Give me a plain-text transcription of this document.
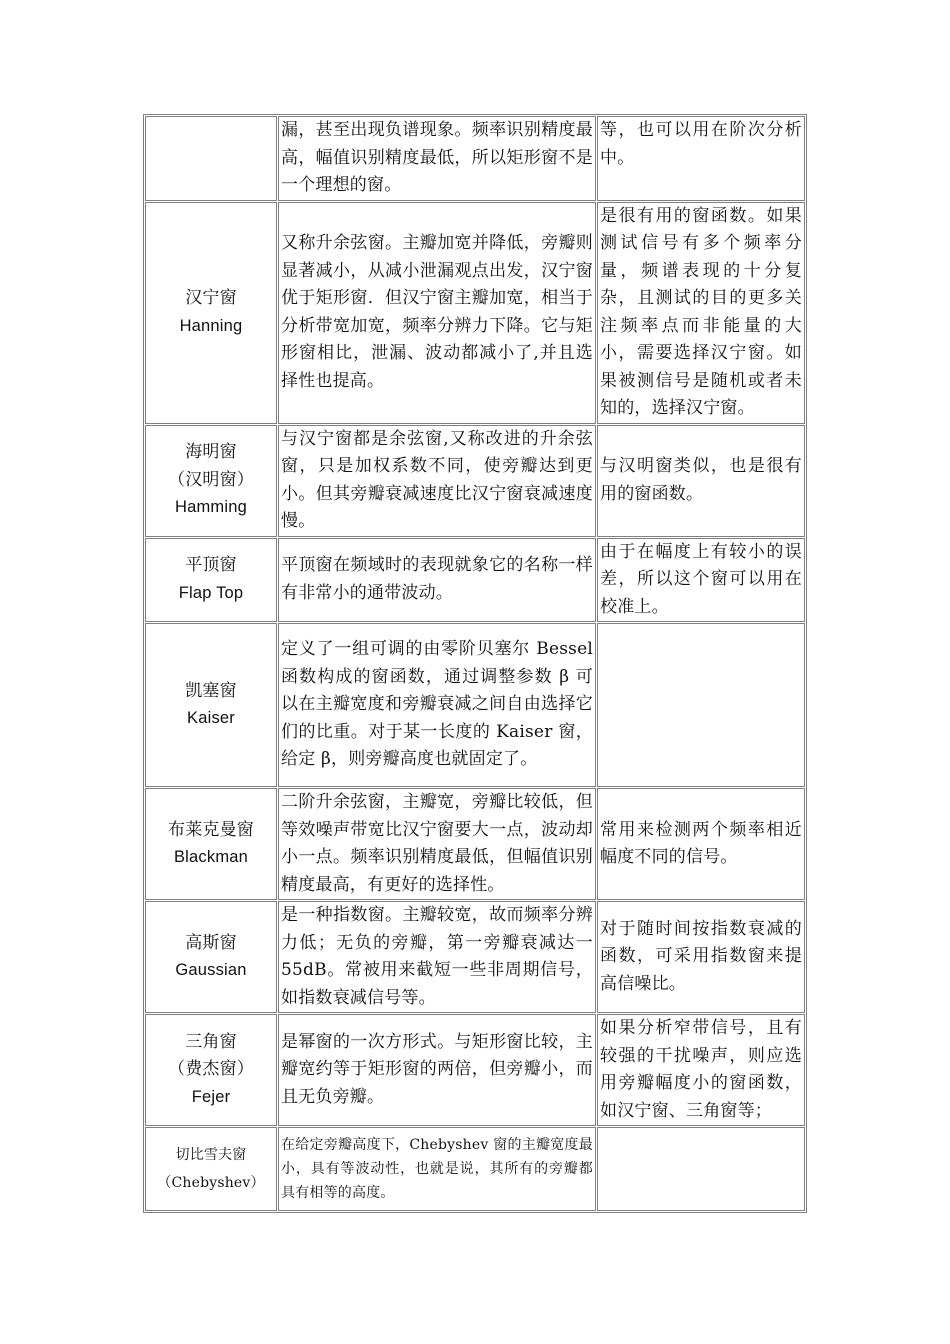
	漏，甚至出现负谱现象。频率识别精度最高，幅值识别精度最低，所以矩形窗不是一个理想的窗。	等，也可以用在阶次分析中。

汉宁窗
Hanning	又称升余弦窗。主瓣加宽并降低，旁瓣则显著减小，从减小泄漏观点出发，汉宁窗优于矩形窗．但汉宁窗主瓣加宽，相当于分析带宽加宽，频率分辨力下降。它与矩形窗相比，泄漏、波动都减小了,并且选择性也提高。	是很有用的窗函数。如果测试信号有多个频率分量，频谱表现的十分复杂，且测试的目的更多关注频率点而非能量的大小，需要选择汉宁窗。如果被测信号是随机或者未知的，选择汉宁窗。

海明窗
（汉明窗）
Hamming	与汉宁窗都是余弦窗,又称改进的升余弦窗，只是加权系数不同，使旁瓣达到更小。但其旁瓣衰减速度比汉宁窗衰减速度慢。	与汉明窗类似，也是很有用的窗函数。

平顶窗
Flap Top	平顶窗在频域时的表现就象它的名称一样有非常小的通带波动。	由于在幅度上有较小的误差，所以这个窗可以用在校准上。

凯塞窗
Kaiser	定义了一组可调的由零阶贝塞尔 Bessel 函数构成的窗函数，通过调整参数 β 可以在主瓣宽度和旁瓣衰减之间自由选择它们的比重。对于某一长度的 Kaiser 窗，给定 β，则旁瓣高度也就固定了。	

布莱克曼窗
Blackman	二阶升余弦窗，主瓣宽，旁瓣比较低，但等效噪声带宽比汉宁窗要大一点，波动却小一点。频率识别精度最低，但幅值识别精度最高，有更好的选择性。	常用来检测两个频率相近幅度不同的信号。

高斯窗
Gaussian	是一种指数窗。主瓣较宽，故而频率分辨力低；无负的旁瓣，第一旁瓣衰减达一 55dB。常被用来截短一些非周期信号，如指数衰减信号等。	对于随时间按指数衰减的函数，可采用指数窗来提高信噪比。

三角窗
（费杰窗）
Fejer	是幂窗的一次方形式。与矩形窗比较，主瓣宽约等于矩形窗的两倍，但旁瓣小，而且无负旁瓣。	如果分析窄带信号，且有较强的干扰噪声，则应选用旁瓣幅度小的窗函数，如汉宁窗、三角窗等；

切比雪夫窗
（Chebyshev）	在给定旁瓣高度下，Chebyshev 窗的主瓣宽度最小，具有等波动性，也就是说，其所有的旁瓣都具有相等的高度。	
